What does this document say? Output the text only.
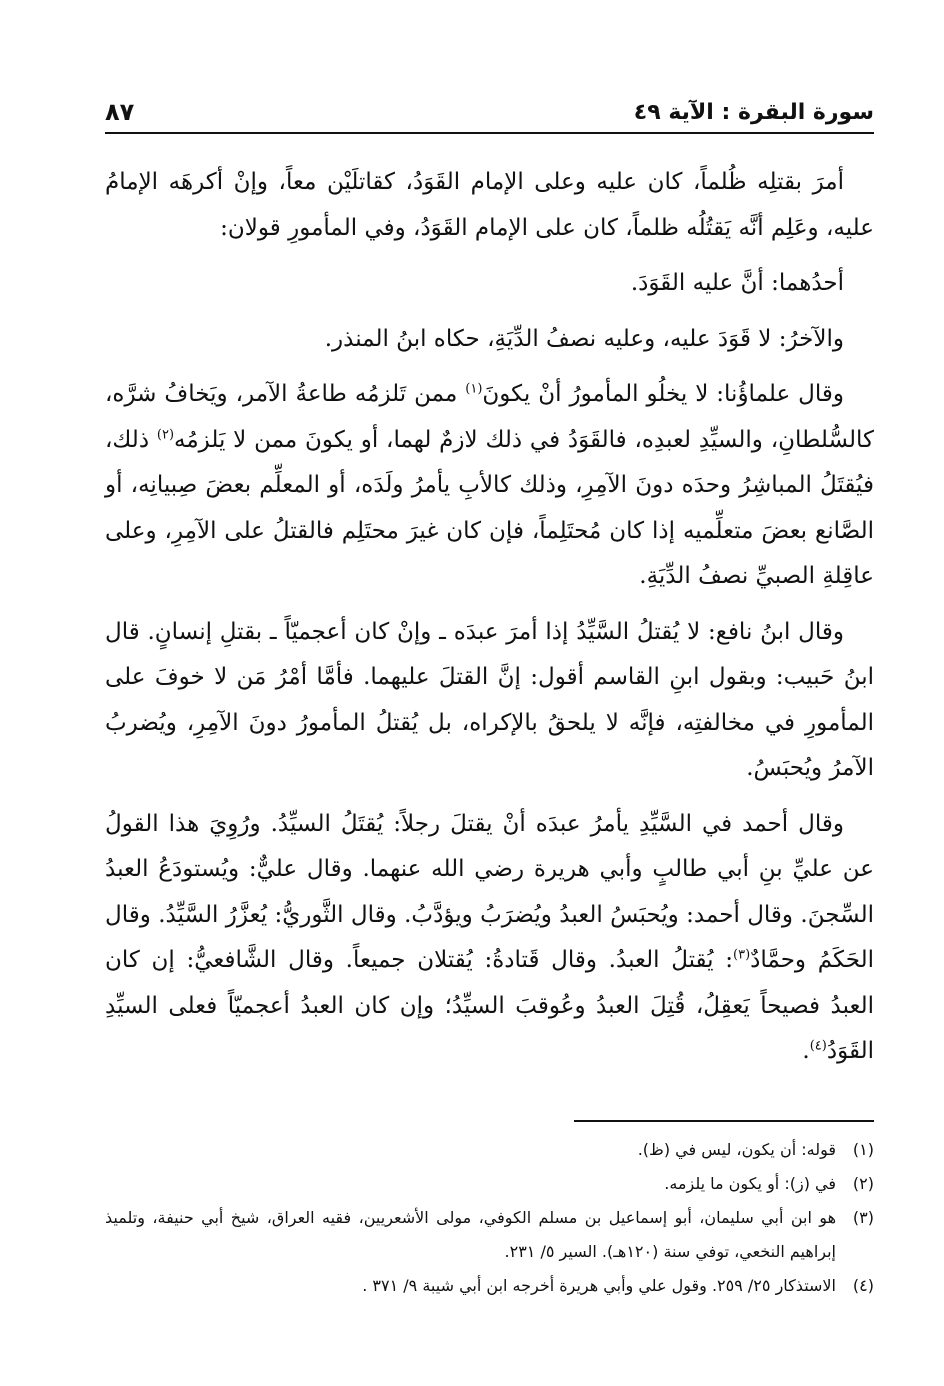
سورة البقرة : الآية ٤٩
٨٧

أمرَ بقتلِه ظُلماً، كان عليه وعلى الإمام القَوَدُ، كقاتلَيْن معاً، وإنْ أكرهَه الإمامُ عليه، وعَلِم أنَّه يَقتُلُه ظلماً، كان على الإمام القَوَدُ، وفي المأمورِ قولان:

أحدُهما: أنَّ عليه القَوَدَ.

والآخرُ: لا قَوَدَ عليه، وعليه نصفُ الدِّيَةِ، حكاه ابنُ المنذر.

وقال علماؤُنا: لا يخلُو المأمورُ أنْ يكونَ$^{(١)}$ ممن تَلزمُه طاعةُ الآمر، ويَخافُ شرَّه، كالسُّلطانِ، والسيِّدِ لعبدِه، فالقَوَدُ في ذلك لازمٌ لهما، أو يكونَ ممن لا يَلزمُه$^{(٢)}$ ذلك، فيُقتَلُ المباشِرُ وحدَه دونَ الآمِرِ، وذلك كالأبِ يأمرُ ولَدَه، أو المعلِّم بعضَ صِبيانِه، أو الصَّانع بعضَ متعلِّميه إذا كان مُحتَلِماً، فإن كان غيرَ محتَلِم فالقتلُ على الآمِرِ، وعلى عاقِلةِ الصبيِّ نصفُ الدِّيَةِ.

وقال ابنُ نافع: لا يُقتلُ السَّيِّدُ إذا أمرَ عبدَه ـ وإنْ كان أعجميّاً ـ بقتلِ إنسانٍ. قال ابنُ حَبيب: وبقول ابنِ القاسم أقول: إنَّ القتلَ عليهما. فأمَّا أمْرُ مَن لا خوفَ على المأمورِ في مخالفتِه، فإنَّه لا يلحقُ بالإكراه، بل يُقتلُ المأمورُ دونَ الآمِرِ، ويُضربُ الآمرُ ويُحبَسُ.

وقال أحمد في السَّيِّدِ يأمرُ عبدَه أنْ يقتلَ رجلاً: يُقتَلُ السيِّدُ. ورُوِيَ هذا القولُ عن عليِّ بنِ أبي طالبٍ وأبي هريرة رضي الله عنهما. وقال عليٌّ: ويُستودَعُ العبدُ السِّجنَ. وقال أحمد: ويُحبَسُ العبدُ ويُضرَبُ ويؤدَّبُ. وقال الثَّوريُّ: يُعزَّرُ السَّيِّدُ. وقال الحَكَمُ وحمَّادٌ$^{(٣)}$: يُقتلُ العبدُ. وقال قَتادةُ: يُقتلان جميعاً. وقال الشَّافعيُّ: إن كان العبدُ فصيحاً يَعقِلُ، قُتِلَ العبدُ وعُوقبَ السيِّدُ؛ وإن كان العبدُ أعجميّاً فعلى السيِّدِ القَوَدُ$^{(٤)}$.

(١)
قوله: أن يكون، ليس في (ظ).
(٢)
في (ز): أو يكون ما يلزمه.
(٣)
هو ابن أبي سليمان، أبو إسماعيل بن مسلم الكوفي، مولى الأشعريين، فقيه العراق، شيخ أبي حنيفة، وتلميذ إبراهيم النخعي، توفي سنة (١٢٠هـ). السير ٥/ ٢٣١.
(٤)
الاستذكار ٢٥/ ٢٥٩. وقول علي وأبي هريرة أخرجه ابن أبي شيبة ٩/ ٣٧١ .
